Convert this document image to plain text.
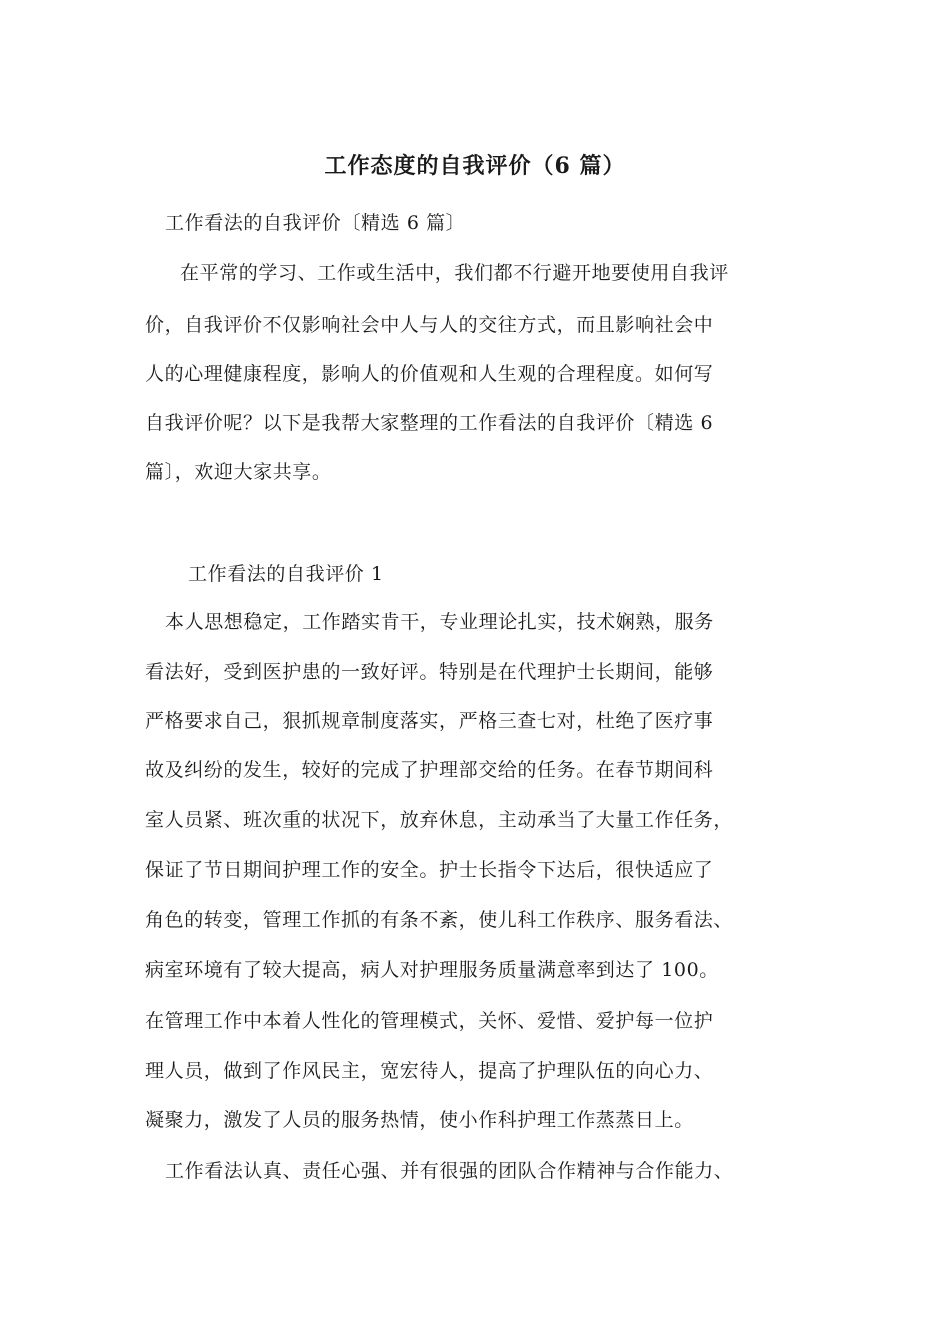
工作态度的自我评价（6 篇）
工作看法的自我评价〔精选 6 篇〕
在平常的学习、工作或生活中，我们都不行避开地要使用自我评
价，自我评价不仅影响社会中人与人的交往方式，而且影响社会中
人的心理健康程度，影响人的价值观和人生观的合理程度。如何写
自我评价呢？以下是我帮大家整理的工作看法的自我评价〔精选 6
篇〕，欢迎大家共享。
工作看法的自我评价 1
本人思想稳定，工作踏实肯干，专业理论扎实，技术娴熟，服务
看法好，受到医护患的一致好评。特别是在代理护士长期间，能够
严格要求自己，狠抓规章制度落实，严格三查七对，杜绝了医疗事
故及纠纷的发生，较好的完成了护理部交给的任务。在春节期间科
室人员紧、班次重的状况下，放弃休息，主动承当了大量工作任务，
保证了节日期间护理工作的安全。护士长指令下达后，很快适应了
角色的转变，管理工作抓的有条不紊，使儿科工作秩序、服务看法、
病室环境有了较大提高，病人对护理服务质量满意率到达了 100。
在管理工作中本着人性化的管理模式，关怀、爱惜、爱护每一位护
理人员，做到了作风民主，宽宏待人，提高了护理队伍的向心力、
凝聚力，激发了人员的服务热情，使小作科护理工作蒸蒸日上。
工作看法认真、责任心强、并有很强的团队合作精神与合作能力、
